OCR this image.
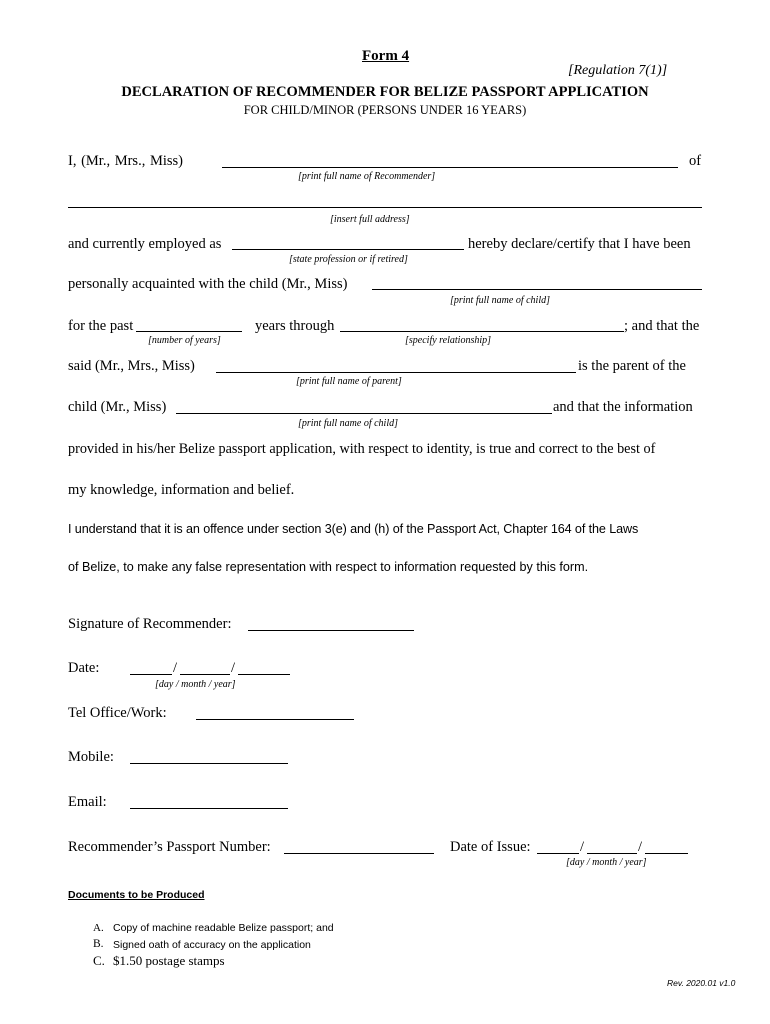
Form 4
[Regulation 7(1)]
DECLARATION OF RECOMMENDER FOR BELIZE PASSPORT APPLICATION
FOR CHILD/MINOR (PERSONS UNDER 16 YEARS)
I, (Mr., Mrs., Miss)	of
[print full name of Recommender]
[insert full address]
and currently employed as	hereby declare/certify that I have been
[state profession or if retired]
personally acquainted with the child (Mr., Miss)
[print full name of child]
for the past	years through	; and that the
[number of years]	[specify relationship]
said (Mr., Mrs., Miss)	is the parent of the
[print full name of parent]
child (Mr., Miss)	and that the information
[print full name of child]
provided in his/her Belize passport application, with respect to identity, is true and correct to the best of
my knowledge, information and belief.
I understand that it is an offence under section 3(e) and (h) of the Passport Act, Chapter 164 of the Laws
of Belize, to make any false representation with respect to information requested by this form.
Signature of Recommender:
Date:	/	/
[day / month / year]
Tel Office/Work:
Mobile:
Email:
Recommender’s Passport Number:	Date of Issue:	/	/
[day / month / year]
Documents to be Produced
A. Copy of machine readable Belize passport; and
B. Signed oath of accuracy on the application
C. $1.50 postage stamps
Rev. 2020.01 v1.0
